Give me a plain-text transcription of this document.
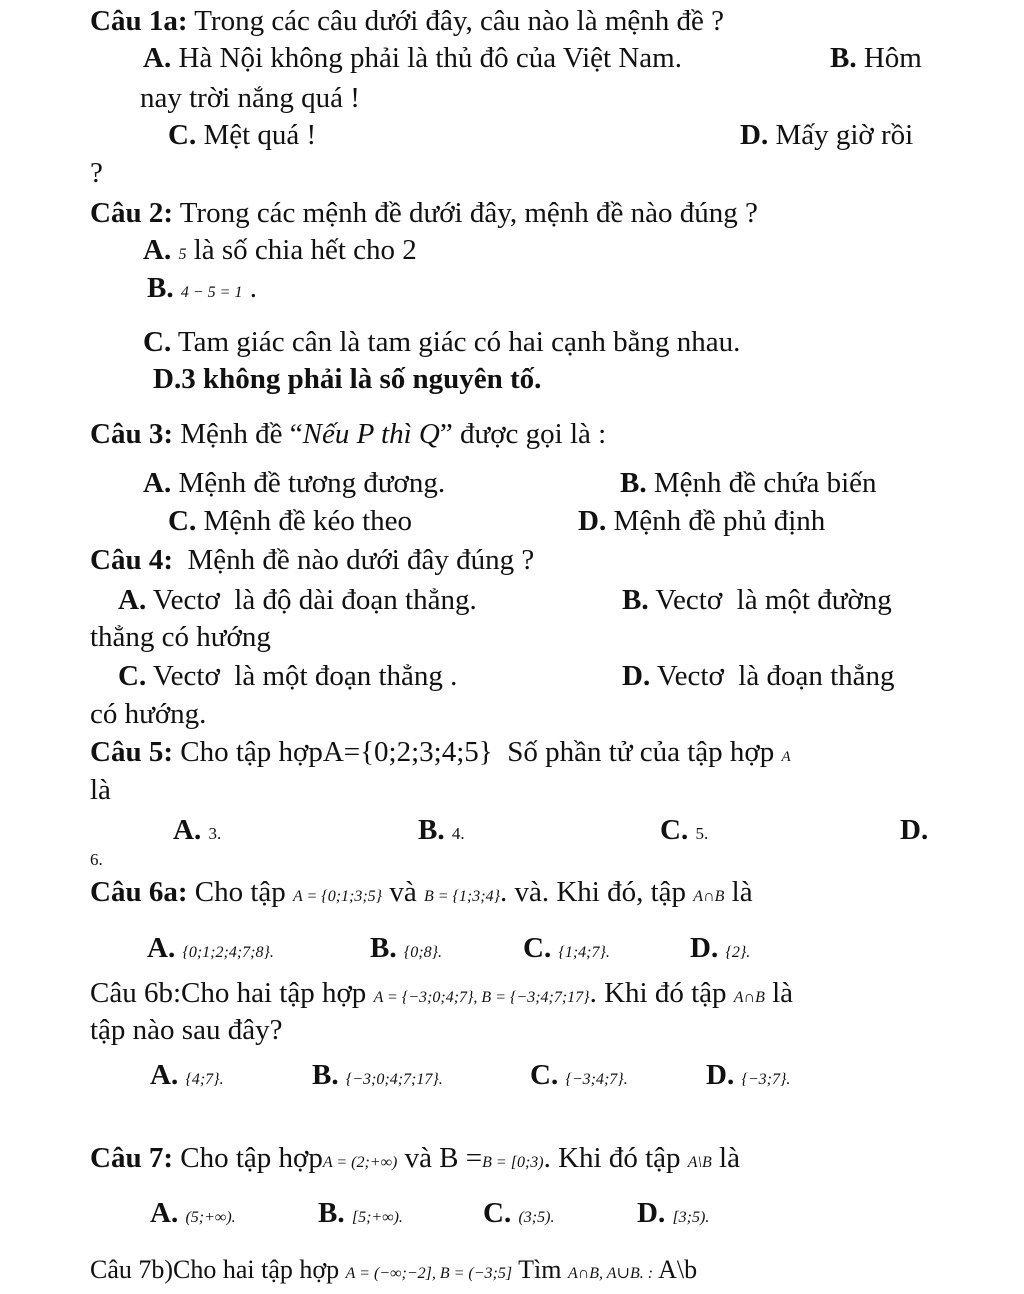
Câu 1a: Trong các câu dưới đây, câu nào là mệnh đề ?
A. Hà Nội không phải là thủ đô của Việt Nam.	B. Hôm
nay trời nắng quá !
C. Mệt quá !	D. Mấy giờ rồi
?
Câu 2: Trong các mệnh đề dưới đây, mệnh đề nào đúng ?
A. 5 là số chia hết cho 2
B. 4 − 5 = 1 .
C. Tam giác cân là tam giác có hai cạnh bằng nhau.
D.3 không phải là số nguyên tố.
Câu 3: Mệnh đề “Nếu P thì Q” được gọi là :
A. Mệnh đề tương đương.	B. Mệnh đề chứa biến
C. Mệnh đề kéo theo	D. Mệnh đề phủ định
Câu 4:  Mệnh đề nào dưới đây đúng ?
A. Vectơ  là độ dài đoạn thẳng.	B. Vectơ  là một đường
thẳng có hướng
C. Vectơ  là một đoạn thẳng .	D. Vectơ  là đoạn thẳng
có hướng.
Câu 5: Cho tập hợpA={0;2;3;4;5}  Số phần tử của tập hợp A
là
A. 3.	B. 4.	C. 5.	D.
6.
Câu 6a: Cho tập A = {0;1;3;5} và B = {1;3;4}. và. Khi đó, tập A∩B là
A. {0;1;2;4;7;8}.	B. {0;8}.	C. {1;4;7}.	D. {2}.
Câu 6b:Cho hai tập hợp A = {−3;0;4;7}, B = {−3;4;7;17}. Khi đó tập A∩B là
tập nào sau đây?
A. {4;7}.	B. {−3;0;4;7;17}.	C. {−3;4;7}.	D. {−3;7}.
Câu 7: Cho tập hợpA = (2;+∞) và B =B = [0;3). Khi đó tập A\B là
A. (5;+∞).	B. [5;+∞).	C. (3;5).	D. [3;5).
Câu 7b)Cho hai tập hợp A = (−∞;−2], B = (−3;5] Tìm A∩B, A∪B. : A\b
